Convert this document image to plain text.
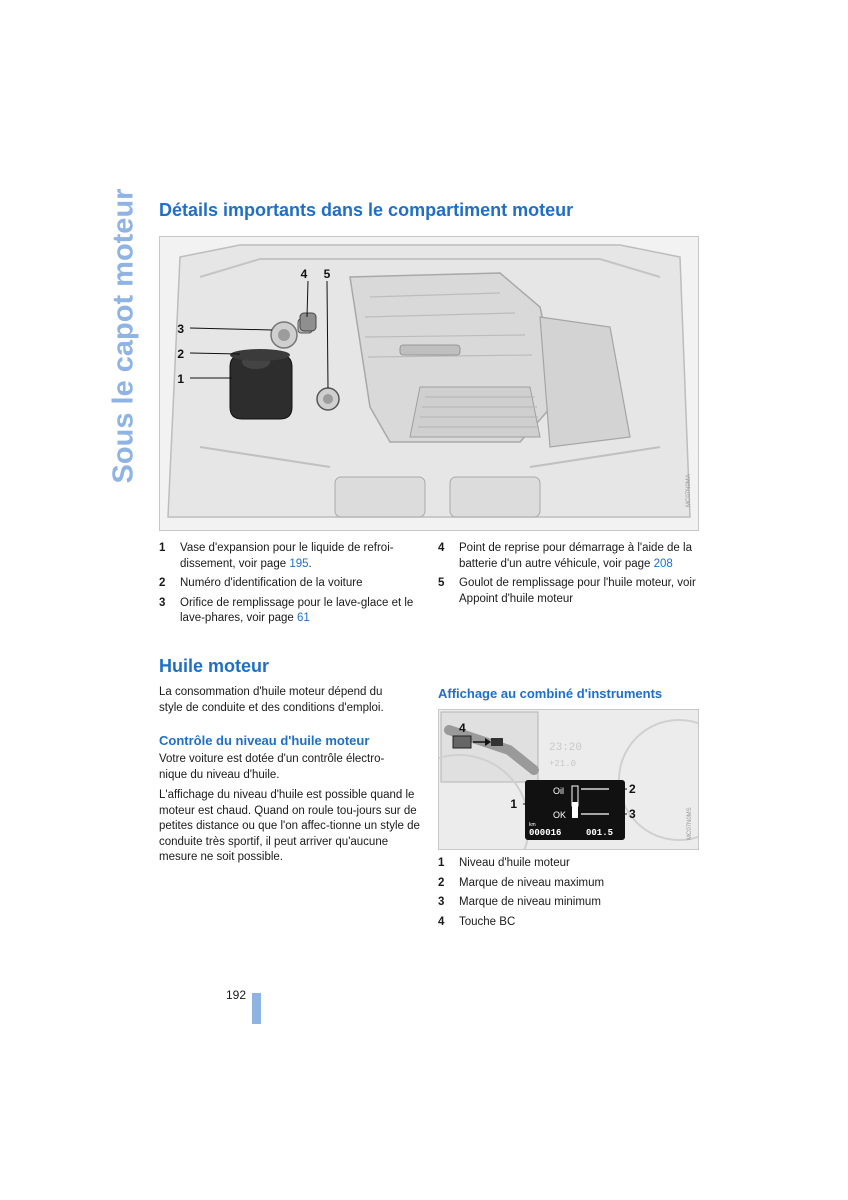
Sous le capot moteur Détails importants dans le compartiment moteur
3
2
1
4 5
MC07N0MA
1 Vase d'expansion pour le liquide de refroi-dissement, voir page 195.
2 Numéro d'identification de la voiture
3 Orifice de remplissage pour le lave-glace et le lave-phares, voir page 61
4 Point de reprise pour démarrage à l'aide de la batterie d'un autre véhicule, voir page 208
5 Goulot de remplissage pour l'huile moteur, voir Appoint d'huile moteur
Huile moteur

La consommation d'huile moteur dépend du style de conduite et des conditions d'emploi.

Contrôle du niveau d'huile moteur

Votre voiture est dotée d'un contrôle électro-nique du niveau d'huile.

L'affichage du niveau d'huile est possible quand le moteur est chaud. Quand on roule tou-jours sur de petites distance ou que l'on affec-tionne un style de conduite très sportif, il peut arriver qu'aucune mesure ne soit possible.

Affichage au combiné d'instruments
4
23:20
+21.0
Oil
OK
km
000016	001.5
1
2
3	MC07N0MS
1 Niveau d'huile moteur
2 Marque de niveau maximum
3 Marque de niveau minimum
4 Touche BC
192
